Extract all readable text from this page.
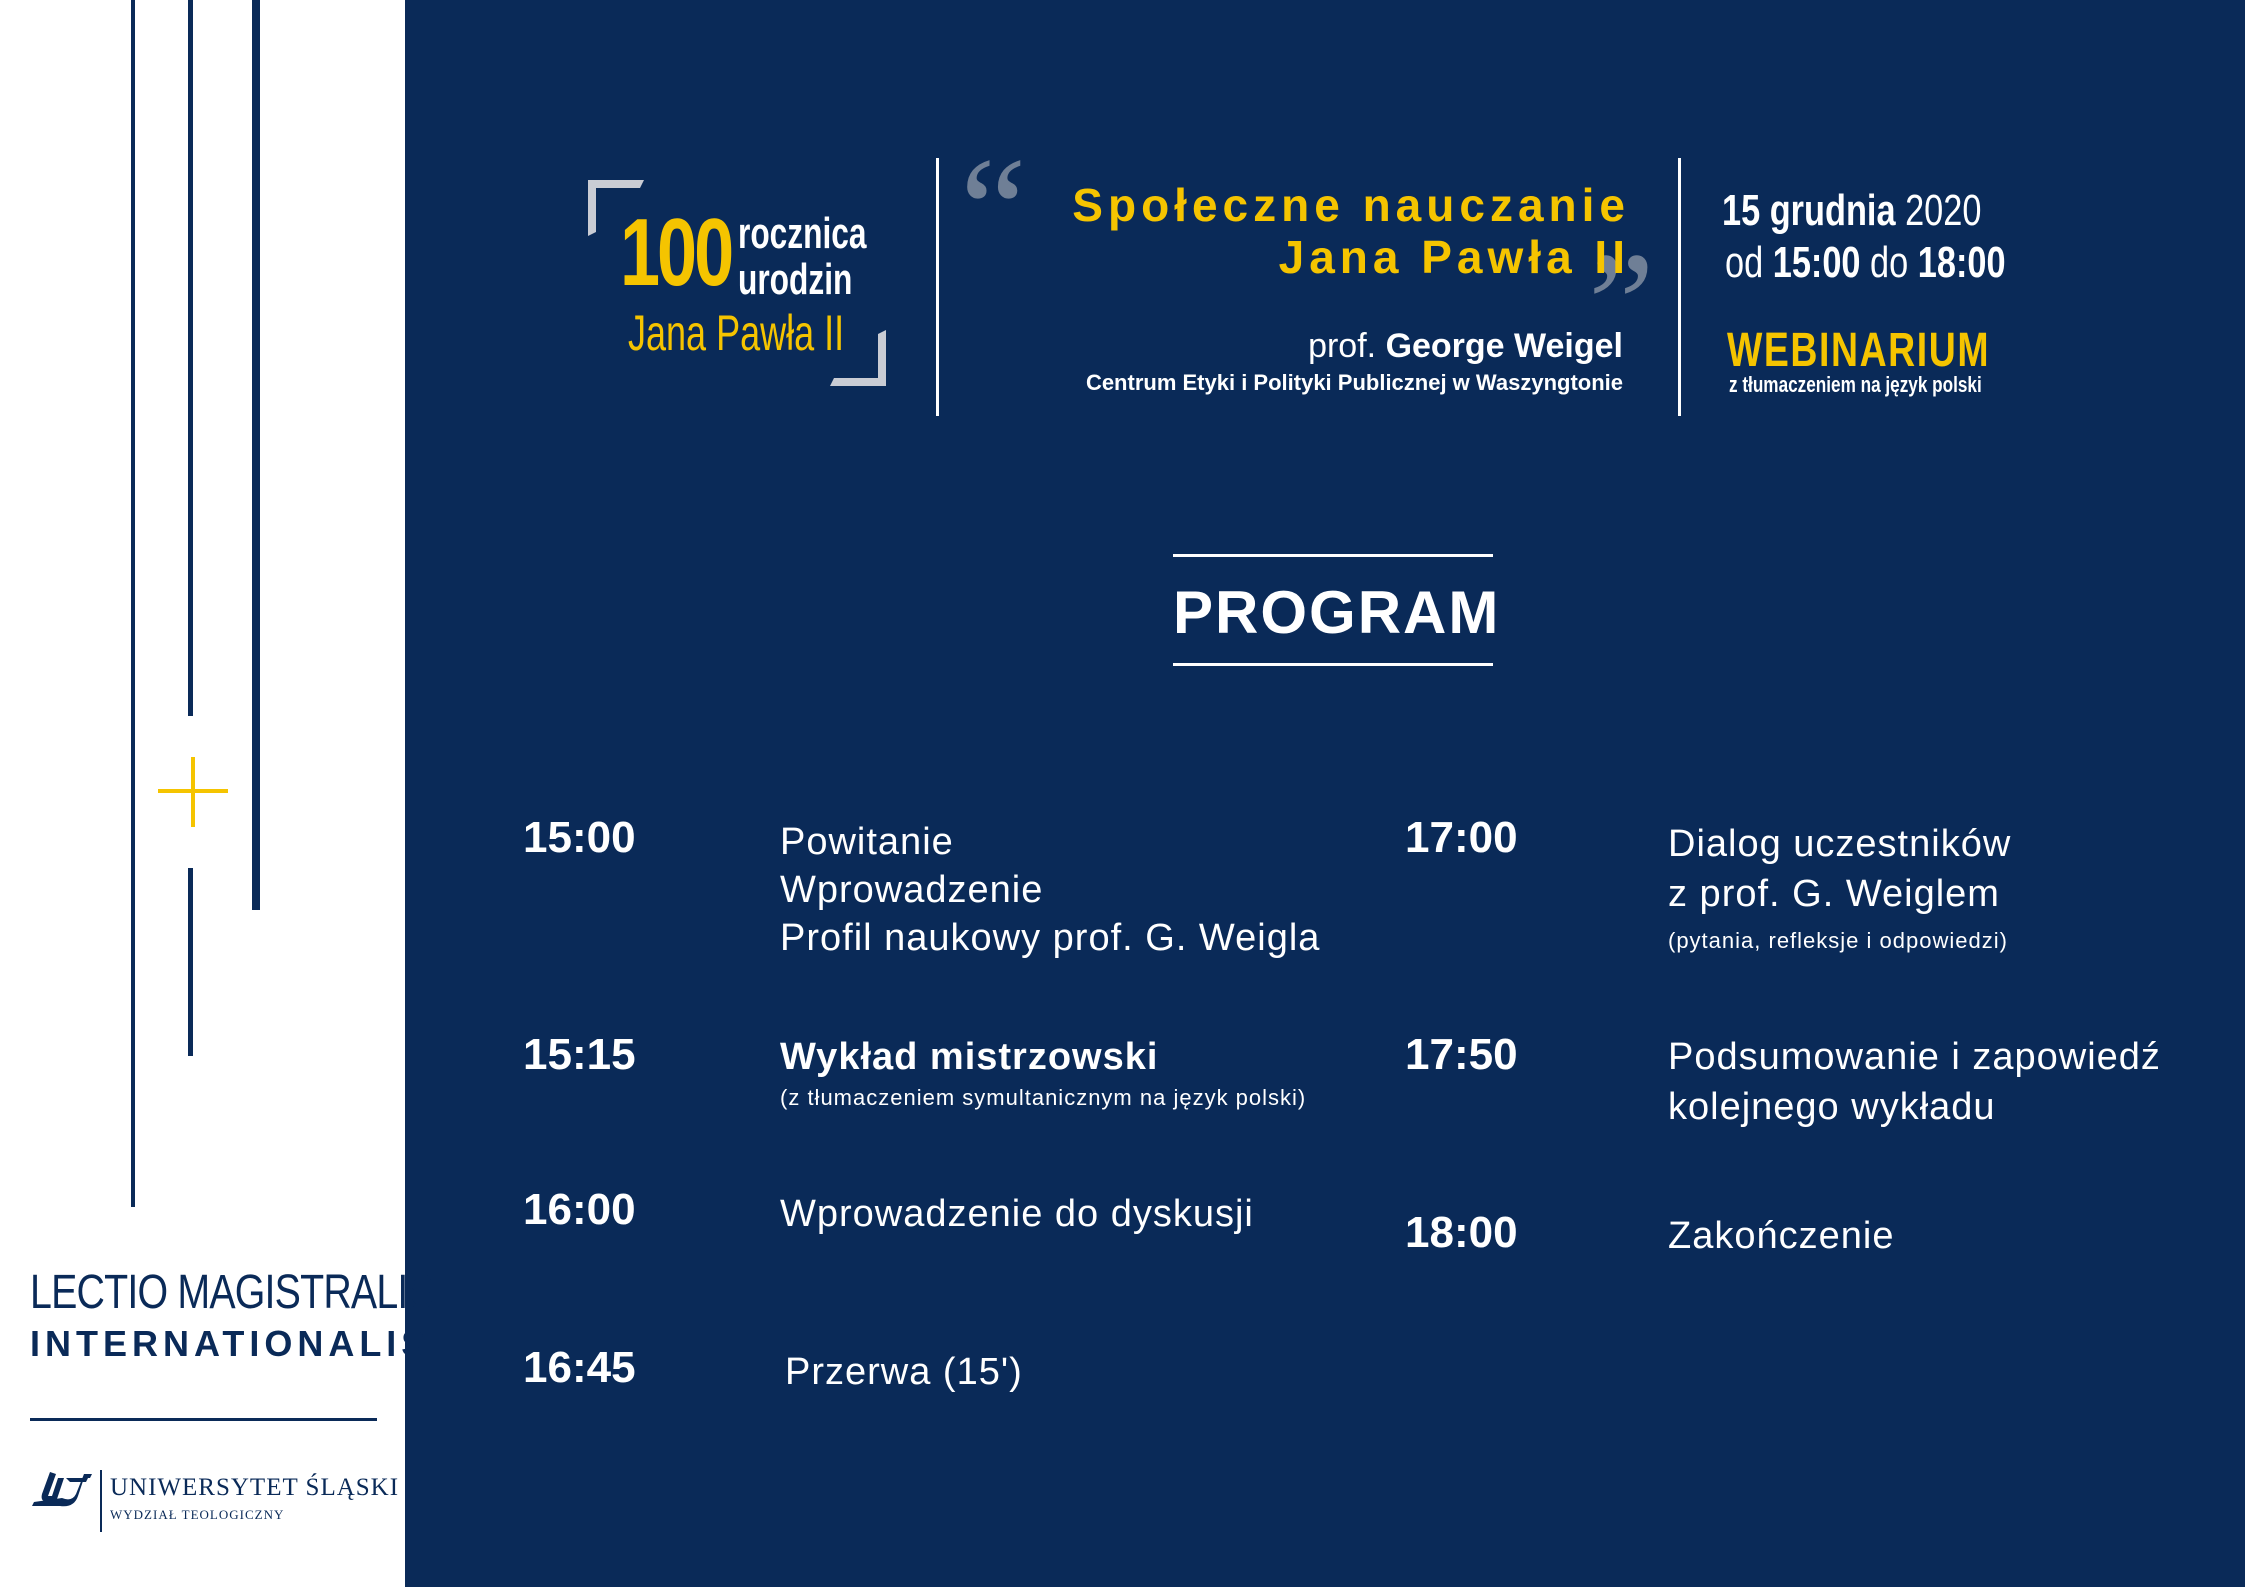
LECTIO MAGISTRALIS
INTERNATIONALIS
UNIWERSYTET ŚLĄSKI
WYDZIAŁ TEOLOGICZNY
100 rocznica
urodzin
Jana Pawła II
“
”
Społeczne nauczanie
Jana Pawła II
prof. George Weigel
Centrum Etyki i Polityki Publicznej w Waszyngtonie
15 grudnia 2020
od 15:00 do 18:00
WEBINARIUM
z tłumaczeniem na język polski
PROGRAM
15:00	Powitanie
Wprowadzenie
Profil naukowy prof. G. Weigla
15:15	Wykład mistrzowski
(z tłumaczeniem symultanicznym na język polski)
16:00	Wprowadzenie do dyskusji
16:45	Przerwa (15')
17:00	Dialog uczestników
z prof. G. Weiglem
(pytania, refleksje i odpowiedzi)
17:50	Podsumowanie i zapowiedź
kolejnego wykładu
18:00	Zakończenie
